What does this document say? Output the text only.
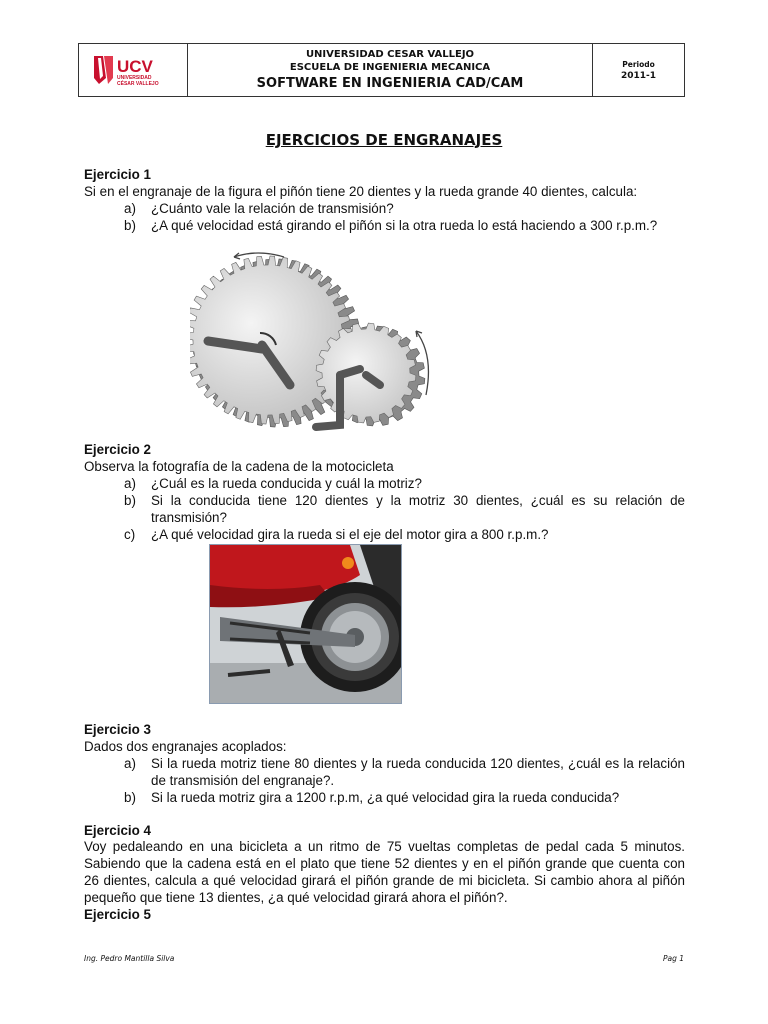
UCV
UNIVERSIDAD
CÉSAR VALLEJO
UNIVERSIDAD CESAR VALLEJO
ESCUELA DE INGENIERIA MECANICA
SOFTWARE EN INGENIERIA CAD/CAM
Periodo
2011-1
EJERCICIOS DE ENGRANAJES
Ejercicio 1
Si en el engranaje de la figura el piñón tiene 20 dientes y la rueda grande 40 dientes, calcula:
a) ¿Cuánto vale la relación de transmisión?
b) ¿A qué velocidad está girando el piñón si la otra rueda lo está haciendo a 300 r.p.m.?
Ejercicio 2
Observa la fotografía de la cadena de la motocicleta
a) ¿Cuál es la rueda conducida y cuál la motriz?
b) Si la conducida tiene 120 dientes y la motriz 30 dientes, ¿cuál es su relación de transmisión?
c) ¿A qué velocidad gira la rueda si el eje del motor gira a 800 r.p.m.?
Ejercicio 3
Dados dos engranajes acoplados:
a) Si la rueda motriz tiene 80 dientes y la rueda conducida 120 dientes, ¿cuál es la relación de transmisión del engranaje?.
b) Si la rueda motriz gira a 1200 r.p.m, ¿a qué velocidad gira la rueda conducida?
Ejercicio 4
Voy pedaleando en una bicicleta a un ritmo de 75 vueltas completas de pedal cada 5 minutos. Sabiendo que la cadena está en el plato que tiene 52 dientes y en el piñón grande que cuenta con 26 dientes, calcula a qué velocidad girará el piñón grande de mi bicicleta. Si cambio ahora al piñón pequeño que tiene 13 dientes, ¿a qué velocidad girará ahora el piñón?.
Ejercicio 5
Ing. Pedro Mantilla Silva	Pag 1
